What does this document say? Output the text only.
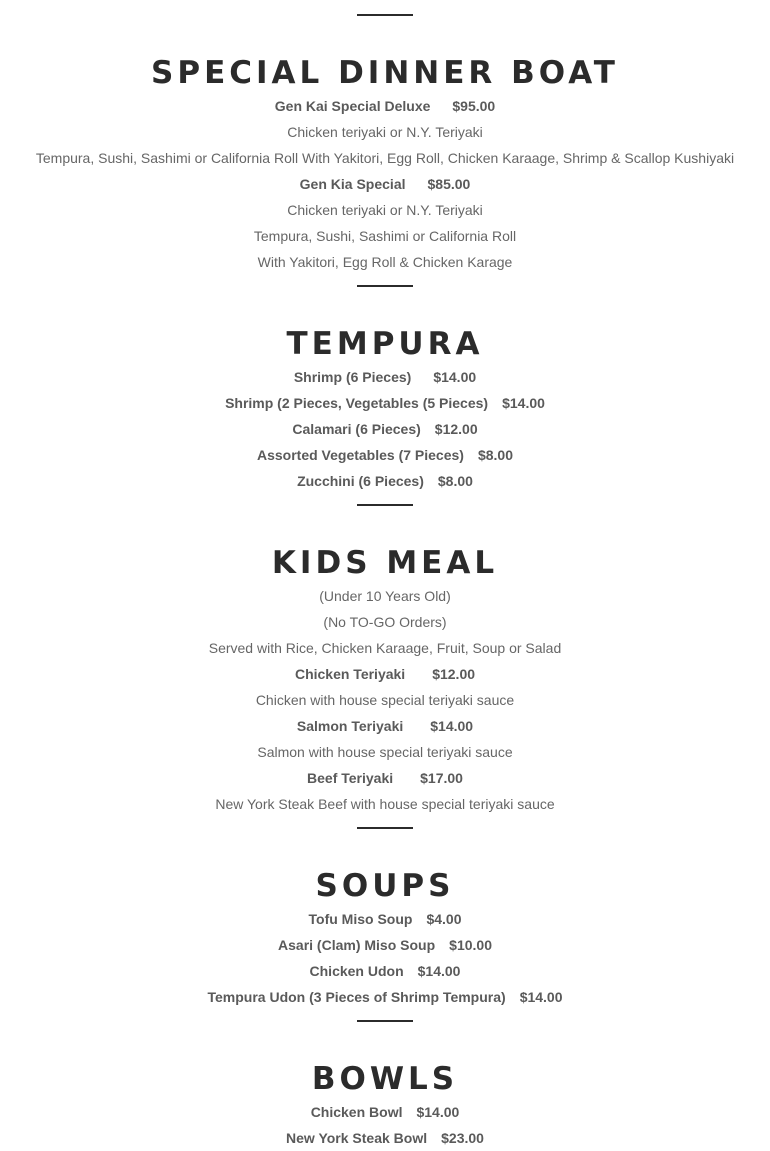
SPECIAL DINNER BOAT
Gen Kai Special Deluxe $95.00
Chicken teriyaki or N.Y. Teriyaki
Tempura, Sushi, Sashimi or California Roll With Yakitori, Egg Roll, Chicken Karaage, Shrimp & Scallop Kushiyaki
Gen Kia Special $85.00
Chicken teriyaki or N.Y. Teriyaki
Tempura, Sushi, Sashimi or California Roll
With Yakitori, Egg Roll & Chicken Karage
TEMPURA
Shrimp (6 Pieces) $14.00
Shrimp (2 Pieces, Vegetables (5 Pieces) $14.00
Calamari (6 Pieces) $12.00
Assorted Vegetables (7 Pieces) $8.00
Zucchini (6 Pieces) $8.00
KIDS MEAL
(Under 10 Years Old)
(No TO-GO Orders)
Served with Rice, Chicken Karaage, Fruit, Soup or Salad
Chicken Teriyaki $12.00
Chicken with house special teriyaki sauce
Salmon Teriyaki $14.00
Salmon with house special teriyaki sauce
Beef Teriyaki $17.00
New York Steak Beef with house special teriyaki sauce
SOUPS
Tofu Miso Soup $4.00
Asari (Clam) Miso Soup $10.00
Chicken Udon $14.00
Tempura Udon (3 Pieces of Shrimp Tempura) $14.00
BOWLS
Chicken Bowl $14.00
New York Steak Bowl $23.00
